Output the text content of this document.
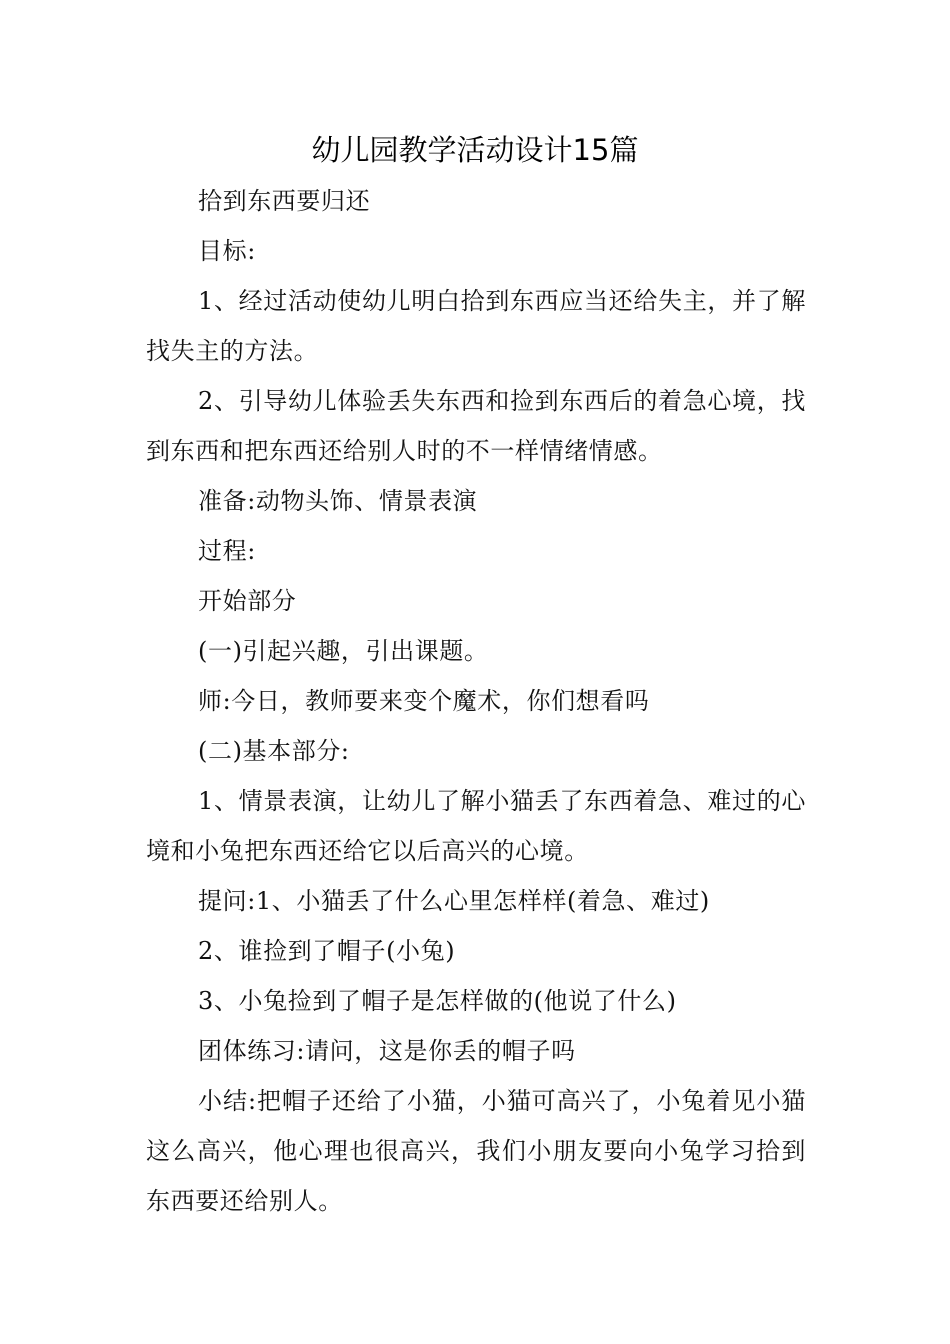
幼儿园教学活动设计15篇

拾到东西要归还

目标:

1、经过活动使幼儿明白拾到东西应当还给失主，并了解找失主的方法。

2、引导幼儿体验丢失东西和捡到东西后的着急心境，找到东西和把东西还给别人时的不一样情绪情感。

准备:动物头饰、情景表演

过程:

开始部分

(一)引起兴趣，引出课题。

师:今日，教师要来变个魔术，你们想看吗

(二)基本部分:

1、情景表演，让幼儿了解小猫丢了东西着急、难过的心境和小兔把东西还给它以后高兴的心境。

提问:1、小猫丢了什么心里怎样样(着急、难过)

2、谁捡到了帽子(小兔)

3、小兔捡到了帽子是怎样做的(他说了什么)

团体练习:请问，这是你丢的帽子吗

小结:把帽子还给了小猫，小猫可高兴了，小兔着见小猫这么高兴，他心理也很高兴，我们小朋友要向小兔学习拾到东西要还给别人。
